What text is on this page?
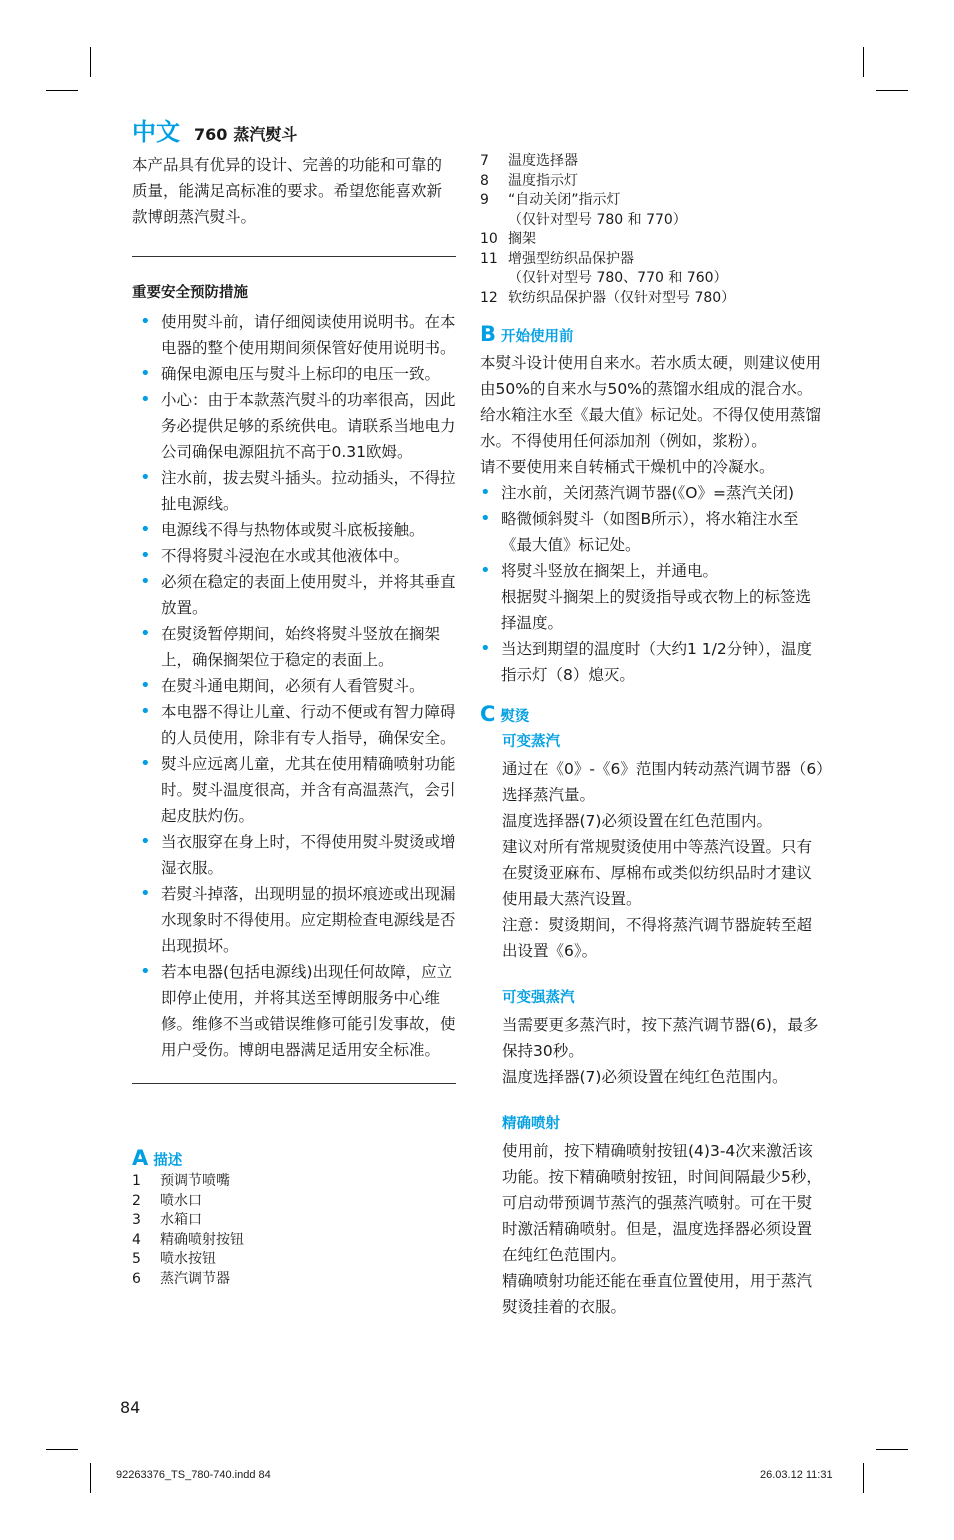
中文 760 蒸汽熨斗

本产品具有优异的设计、完善的功能和可靠的质量，能满足高标准的要求。希望您能喜欢新款博朗蒸汽熨斗。

重要安全预防措施
• 使用熨斗前，请仔细阅读使用说明书。在本电器的整个使用期间须保管好使用说明书。
• 确保电源电压与熨斗上标印的电压一致。
• 小心：由于本款蒸汽熨斗的功率很高，因此务必提供足够的系统供电。请联系当地电力公司确保电源阻抗不高于0.31欧姆。
• 注水前，拔去熨斗插头。拉动插头，不得拉扯电源线。
• 电源线不得与热物体或熨斗底板接触。
• 不得将熨斗浸泡在水或其他液体中。
• 必须在稳定的表面上使用熨斗，并将其垂直放置。
• 在熨烫暂停期间，始终将熨斗竖放在搁架上，确保搁架位于稳定的表面上。
• 在熨斗通电期间，必须有人看管熨斗。
• 本电器不得让儿童、行动不便或有智力障碍的人员使用，除非有专人指导，确保安全。
• 熨斗应远离儿童，尤其在使用精确喷射功能时。熨斗温度很高，并含有高温蒸汽，会引起皮肤灼伤。
• 当衣服穿在身上时，不得使用熨斗熨烫或增湿衣服。
• 若熨斗掉落，出现明显的损坏痕迹或出现漏水现象时不得使用。应定期检查电源线是否出现损坏。
• 若本电器(包括电源线)出现任何故障，应立即停止使用，并将其送至博朗服务中心维修。维修不当或错误维修可能引发事故，使用户受伤。博朗电器满足适用安全标准。
A 描述
1	预调节喷嘴
2	喷水口
3	水箱口
4	精确喷射按钮
5	喷水按钮
6	蒸汽调节器
84
7	温度选择器
8	温度指示灯
9	“自动关闭”指示灯
（仅针对型号 780 和 770）
10 搁架
11 增强型纺织品保护器
（仅针对型号 780、770 和 760）
12 软纺织品保护器（仅针对型号 780）
B 开始使用前

本熨斗设计使用自来水。若水质太硬，则建议使用由50%的自来水与50%的蒸馏水组成的混合水。给水箱注水至《最大值》标记处。不得仅使用蒸馏水。不得使用任何添加剂（例如，浆粉）。

请不要使用来自转桶式干燥机中的冷凝水。

• 注水前，关闭蒸汽调节器(《O》=蒸汽关闭)
• 略微倾斜熨斗（如图B所示），将水箱注水至《最大值》标记处。
• 将熨斗竖放在搁架上，并通电。
根据熨斗搁架上的熨烫指导或衣物上的标签选择温度。
• 当达到期望的温度时（大约1 1/2分钟），温度指示灯（8）熄灭。
C 熨烫
可变蒸汽

通过在《0》-《6》范围内转动蒸汽调节器（6）选择蒸汽量。

温度选择器(7)必须设置在红色范围内。

建议对所有常规熨烫使用中等蒸汽设置。只有在熨烫亚麻布、厚棉布或类似纺织品时才建议使用最大蒸汽设置。

注意：熨烫期间，不得将蒸汽调节器旋转至超出设置《6》。

可变强蒸汽

当需要更多蒸汽时，按下蒸汽调节器(6)，最多保持30秒。

温度选择器(7)必须设置在纯红色范围内。

精确喷射

使用前，按下精确喷射按钮(4)3-4次来激活该功能。按下精确喷射按钮，时间间隔最少5秒，可启动带预调节蒸汽的强蒸汽喷射。可在干熨时激活精确喷射。但是，温度选择器必须设置在纯红色范围内。

精确喷射功能还能在垂直位置使用，用于蒸汽熨烫挂着的衣服。

92263376_TS_780-740.indd 84	26.03.12 11:31
